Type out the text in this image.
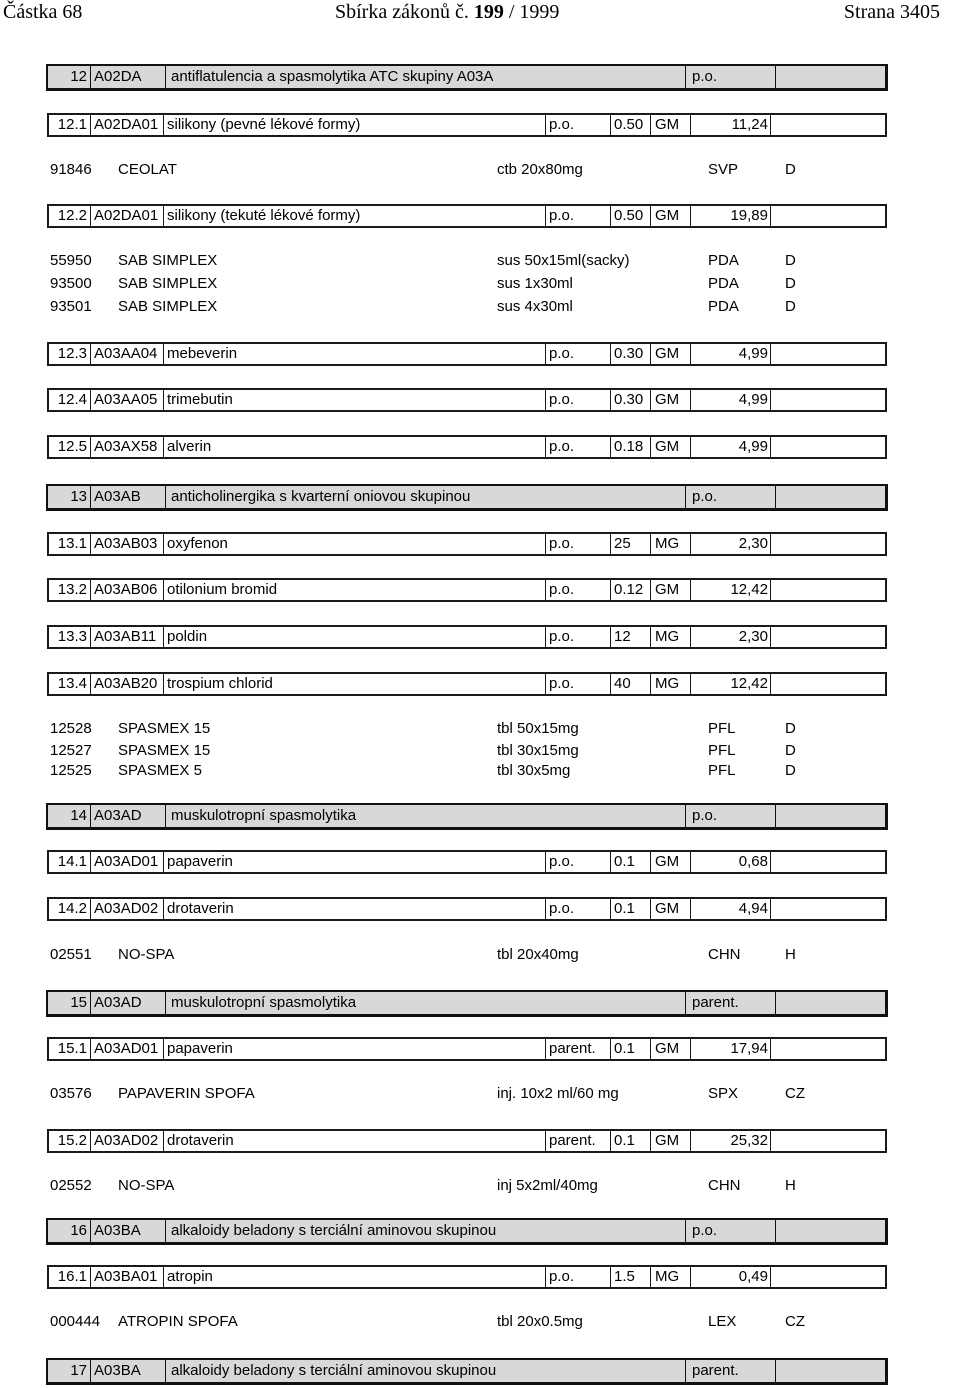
Částka 68	Sbírka zákonů č. 199 / 1999	Strana 3405
12 A02DA	antiflatulencia a spasmolytika ATC skupiny A03A	p.o.
12.1 A02DA01 silikony (pevné lékové formy)	p.o.	0.50 GM	11,24
91846 CEOLAT	ctb 20x80mg	SVP	D
12.2 A02DA01 silikony (tekuté lékové formy)	p.o.	0.50 GM	19,89
55950 SAB SIMPLEX	sus 50x15ml(sacky)	PDA	D
93500 SAB SIMPLEX	sus 1x30ml	PDA	D
93501 SAB SIMPLEX	sus 4x30ml	PDA	D
12.3 A03AA04 mebeverin	p.o.	0.30 GM	4,99
12.4 A03AA05 trimebutin	p.o.	0.30 GM	4,99
12.5 A03AX58 alverin	p.o.	0.18 GM	4,99
13 A03AB	anticholinergika s kvarterní oniovou skupinou	p.o.
13.1 A03AB03 oxyfenon	p.o.	25	MG	2,30
13.2 A03AB06 otilonium bromid	p.o.	0.12 GM	12,42
13.3 A03AB11 poldin	p.o.	12	MG	2,30
13.4 A03AB20 trospium chlorid	p.o.	40	MG	12,42
12528 SPASMEX 15	tbl 50x15mg	PFL	D
12527 SPASMEX 15	tbl 30x15mg	PFL	D
12525 SPASMEX 5	tbl 30x5mg	PFL	D
14 A03AD	muskulotropní spasmolytika	p.o.
14.1 A03AD01 papaverin	p.o.	0.1	GM	0,68
14.2 A03AD02 drotaverin	p.o.	0.1	GM	4,94
02551 NO-SPA	tbl 20x40mg	CHN	H
15 A03AD	muskulotropní spasmolytika	parent.
15.1 A03AD01 papaverin	parent.	0.1	GM	17,94
03576 PAPAVERIN SPOFA	inj. 10x2 ml/60 mg	SPX	CZ
15.2 A03AD02 drotaverin	parent.	0.1	GM	25,32
02552 NO-SPA	inj 5x2ml/40mg	CHN	H
16 A03BA	alkaloidy beladony s terciální aminovou skupinou	p.o.
16.1 A03BA01 atropin	p.o.	1.5	MG	0,49
000444 ATROPIN SPOFA	tbl 20x0.5mg	LEX	CZ
17 A03BA	alkaloidy beladony s terciální aminovou skupinou	parent.
